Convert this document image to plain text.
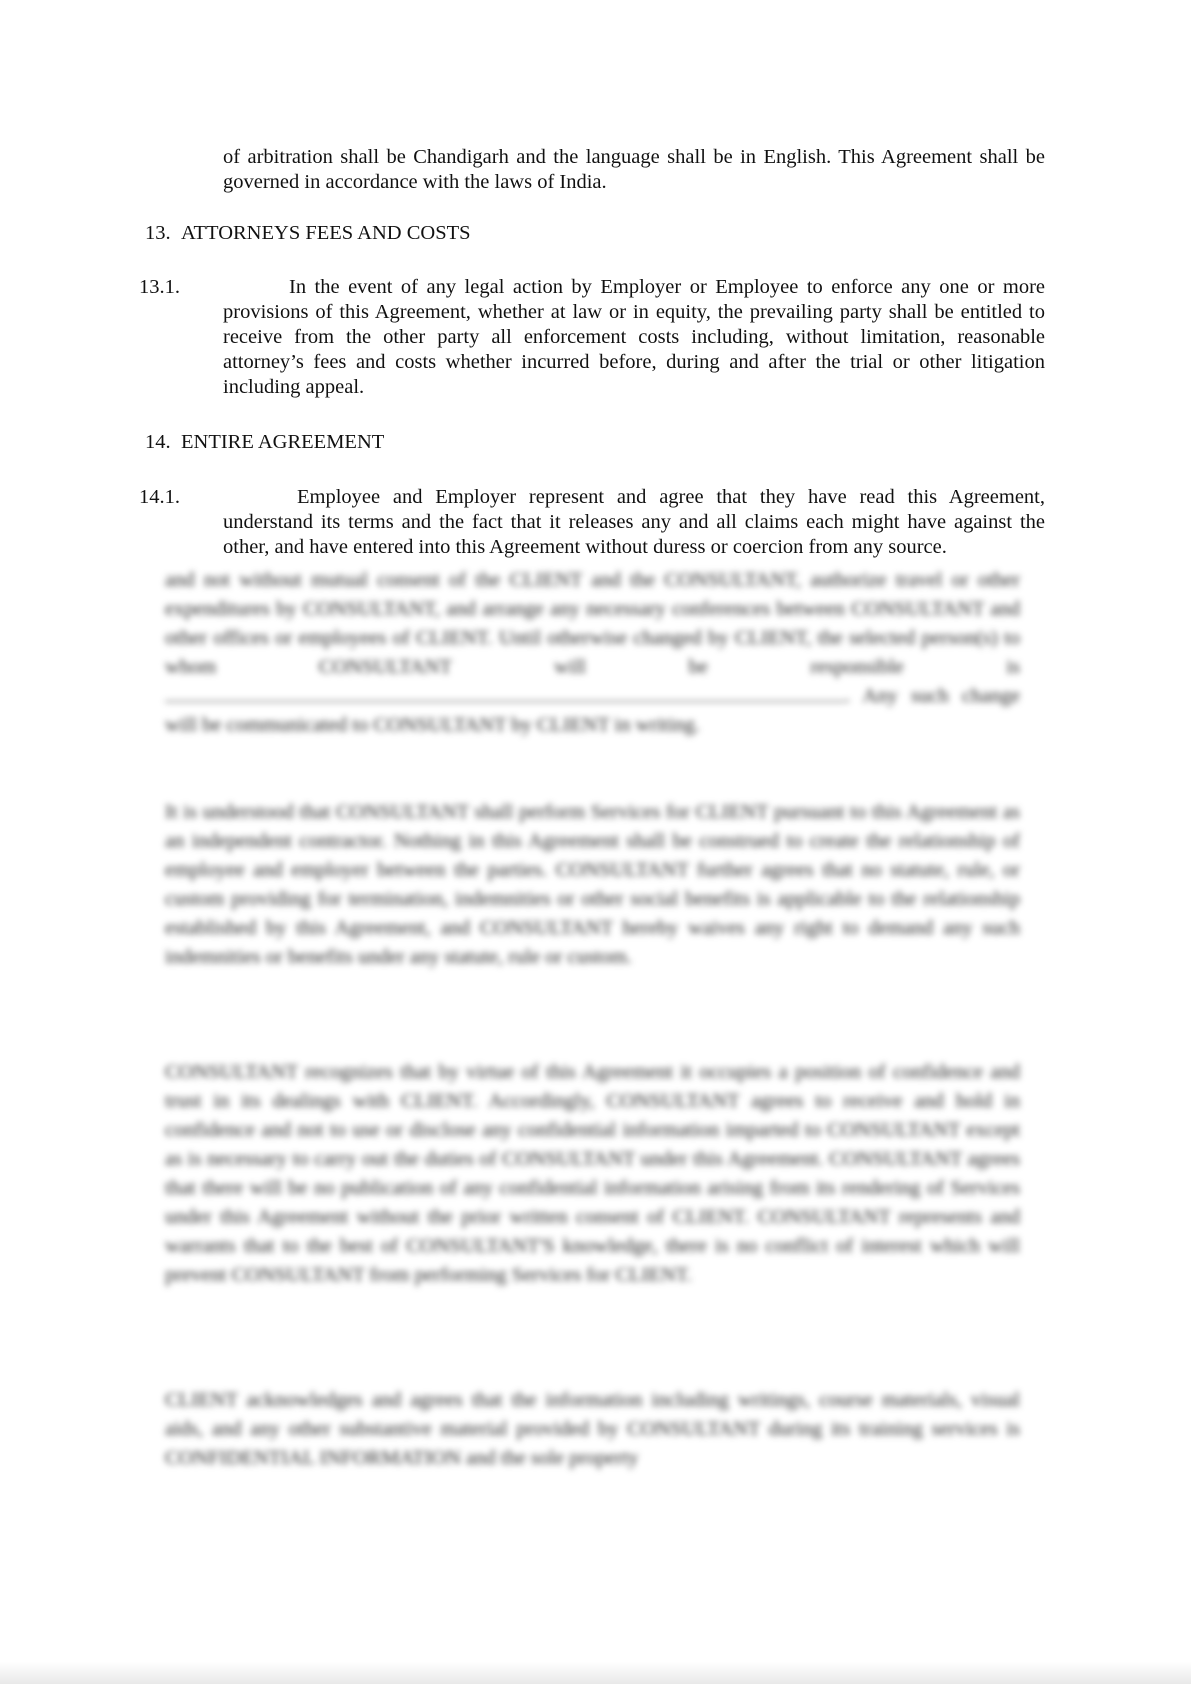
of arbitration shall be Chandigarh and the language shall be in English. This Agreement shall be governed in accordance with the laws of India.

13. ATTORNEYS FEES AND COSTS

13.1.	In the event of any legal action by Employer or Employee to enforce any one or more provisions of this Agreement, whether at law or in equity, the prevailing party shall be entitled to receive from the other party all enforcement costs including, without limitation, reasonable attorney’s fees and costs whether incurred before, during and after the trial or other litigation including appeal.

14. ENTIRE AGREEMENT

14.1.	Employee and Employer represent and agree that they have read this Agreement, understand its terms and the fact that it releases any and all claims each might have against the other, and have entered into this Agreement without duress or coercion from any source.

and not without mutual consent of the CLIENT and the CONSULTANT, authorize travel or other expenditures by CONSULTANT, and arrange any necessary conferences between CONSULTANT and other offices or employees of CLIENT. Until otherwise changed by CLIENT, the selected person(s) to whom CONSULTANT will be responsible is . Any such change will be communicated to CONSULTANT by CLIENT in writing.

It is understood that CONSULTANT shall perform Services for CLIENT pursuant to this Agreement as an independent contractor. Nothing in this Agreement shall be construed to create the relationship of employee and employer between the parties. CONSULTANT further agrees that no statute, rule, or custom providing for termination, indemnities or other social benefits is applicable to the relationship established by this Agreement, and CONSULTANT hereby waives any right to demand any such indemnities or benefits under any statute, rule or custom.

CONSULTANT recognizes that by virtue of this Agreement it occupies a position of confidence and trust in its dealings with CLIENT. Accordingly, CONSULTANT agrees to receive and hold in confidence and not to use or disclose any confidential information imparted to CONSULTANT except as is necessary to carry out the duties of CONSULTANT under this Agreement. CONSULTANT agrees that there will be no publication of any confidential information arising from its rendering of Services under this Agreement without the prior written consent of CLIENT. CONSULTANT represents and warrants that to the best of CONSULTANT'S knowledge, there is no conflict of interest which will prevent CONSULTANT from performing Services for CLIENT.

CLIENT acknowledges and agrees that the information including writings, course materials, visual aids, and any other substantive material provided by CONSULTANT during its training services is CONFIDENTIAL INFORMATION and the sole property
